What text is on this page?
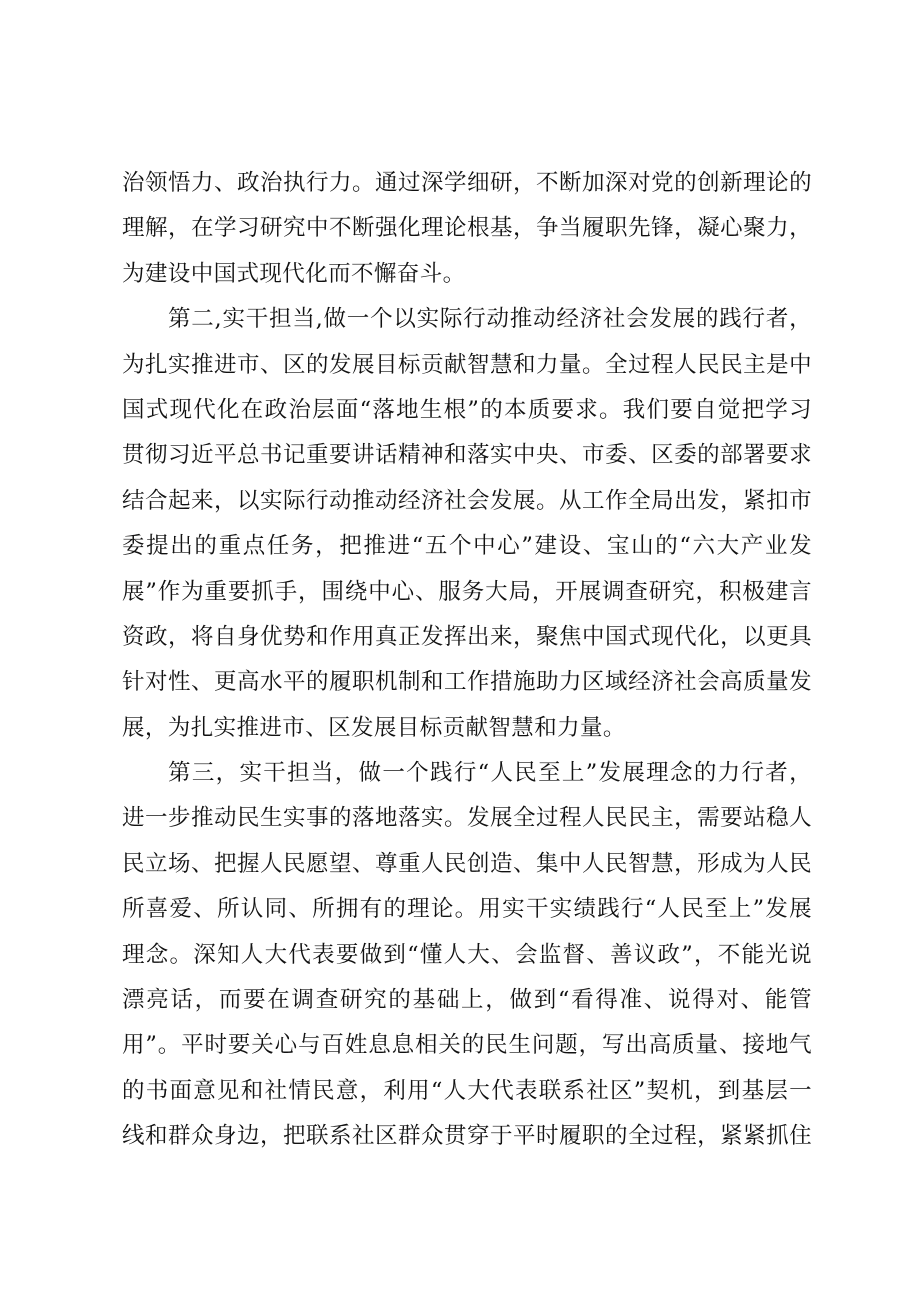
治领悟力、政治执行力。通过深学细研，不断加深对党的创新理论的
理解，在学习研究中不断强化理论根基，争当履职先锋，凝心聚力，
为建设中国式现代化而不懈奋斗。
第二,实干担当,做一个以实际行动推动经济社会发展的践行者，
为扎实推进市、区的发展目标贡献智慧和力量。全过程人民民主是中
国式现代化在政治层面“落地生根”的本质要求。我们要自觉把学习
贯彻习近平总书记重要讲话精神和落实中央、市委、区委的部署要求
结合起来，以实际行动推动经济社会发展。从工作全局出发，紧扣市
委提出的重点任务，把推进“五个中心”建设、宝山的“六大产业发
展”作为重要抓手，围绕中心、服务大局，开展调查研究，积极建言
资政，将自身优势和作用真正发挥出来，聚焦中国式现代化，以更具
针对性、更高水平的履职机制和工作措施助力区域经济社会高质量发
展，为扎实推进市、区发展目标贡献智慧和力量。
第三，实干担当，做一个践行“人民至上”发展理念的力行者，
进一步推动民生实事的落地落实。发展全过程人民民主，需要站稳人
民立场、把握人民愿望、尊重人民创造、集中人民智慧，形成为人民
所喜爱、所认同、所拥有的理论。用实干实绩践行“人民至上”发展
理念。深知人大代表要做到“懂人大、会监督、善议政”，不能光说
漂亮话，而要在调查研究的基础上，做到“看得准、说得对、能管
用”。平时要关心与百姓息息相关的民生问题，写出高质量、接地气
的书面意见和社情民意，利用“人大代表联系社区”契机，到基层一
线和群众身边，把联系社区群众贯穿于平时履职的全过程，紧紧抓住
